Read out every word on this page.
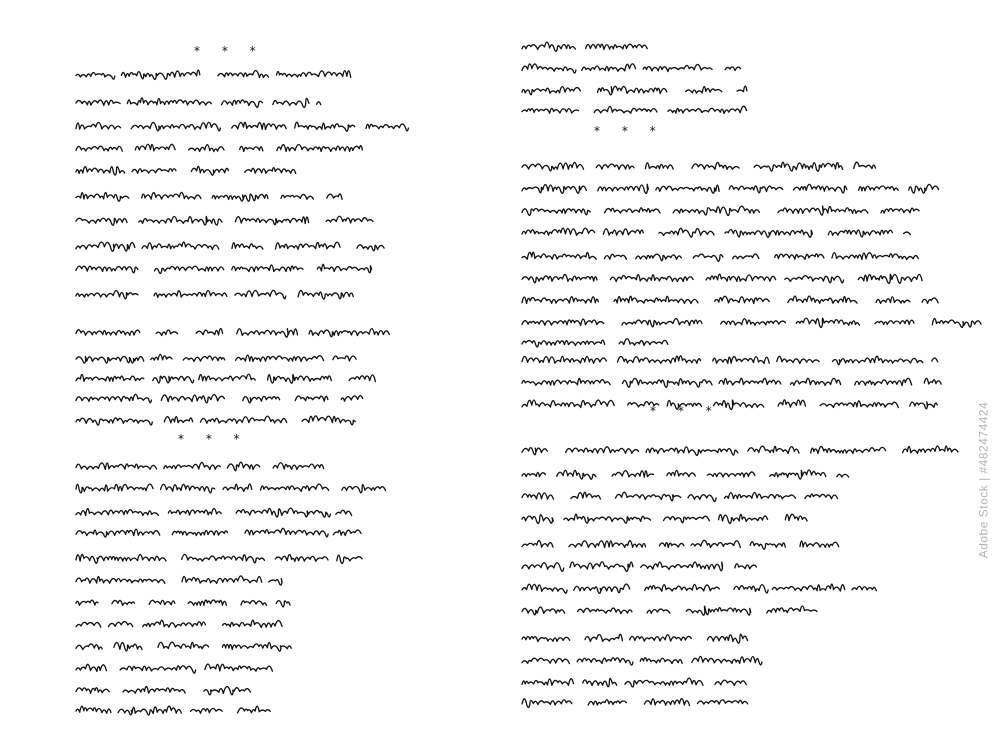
* * *
* * *
* * *
* * *	Adobe Stock | #482474424
